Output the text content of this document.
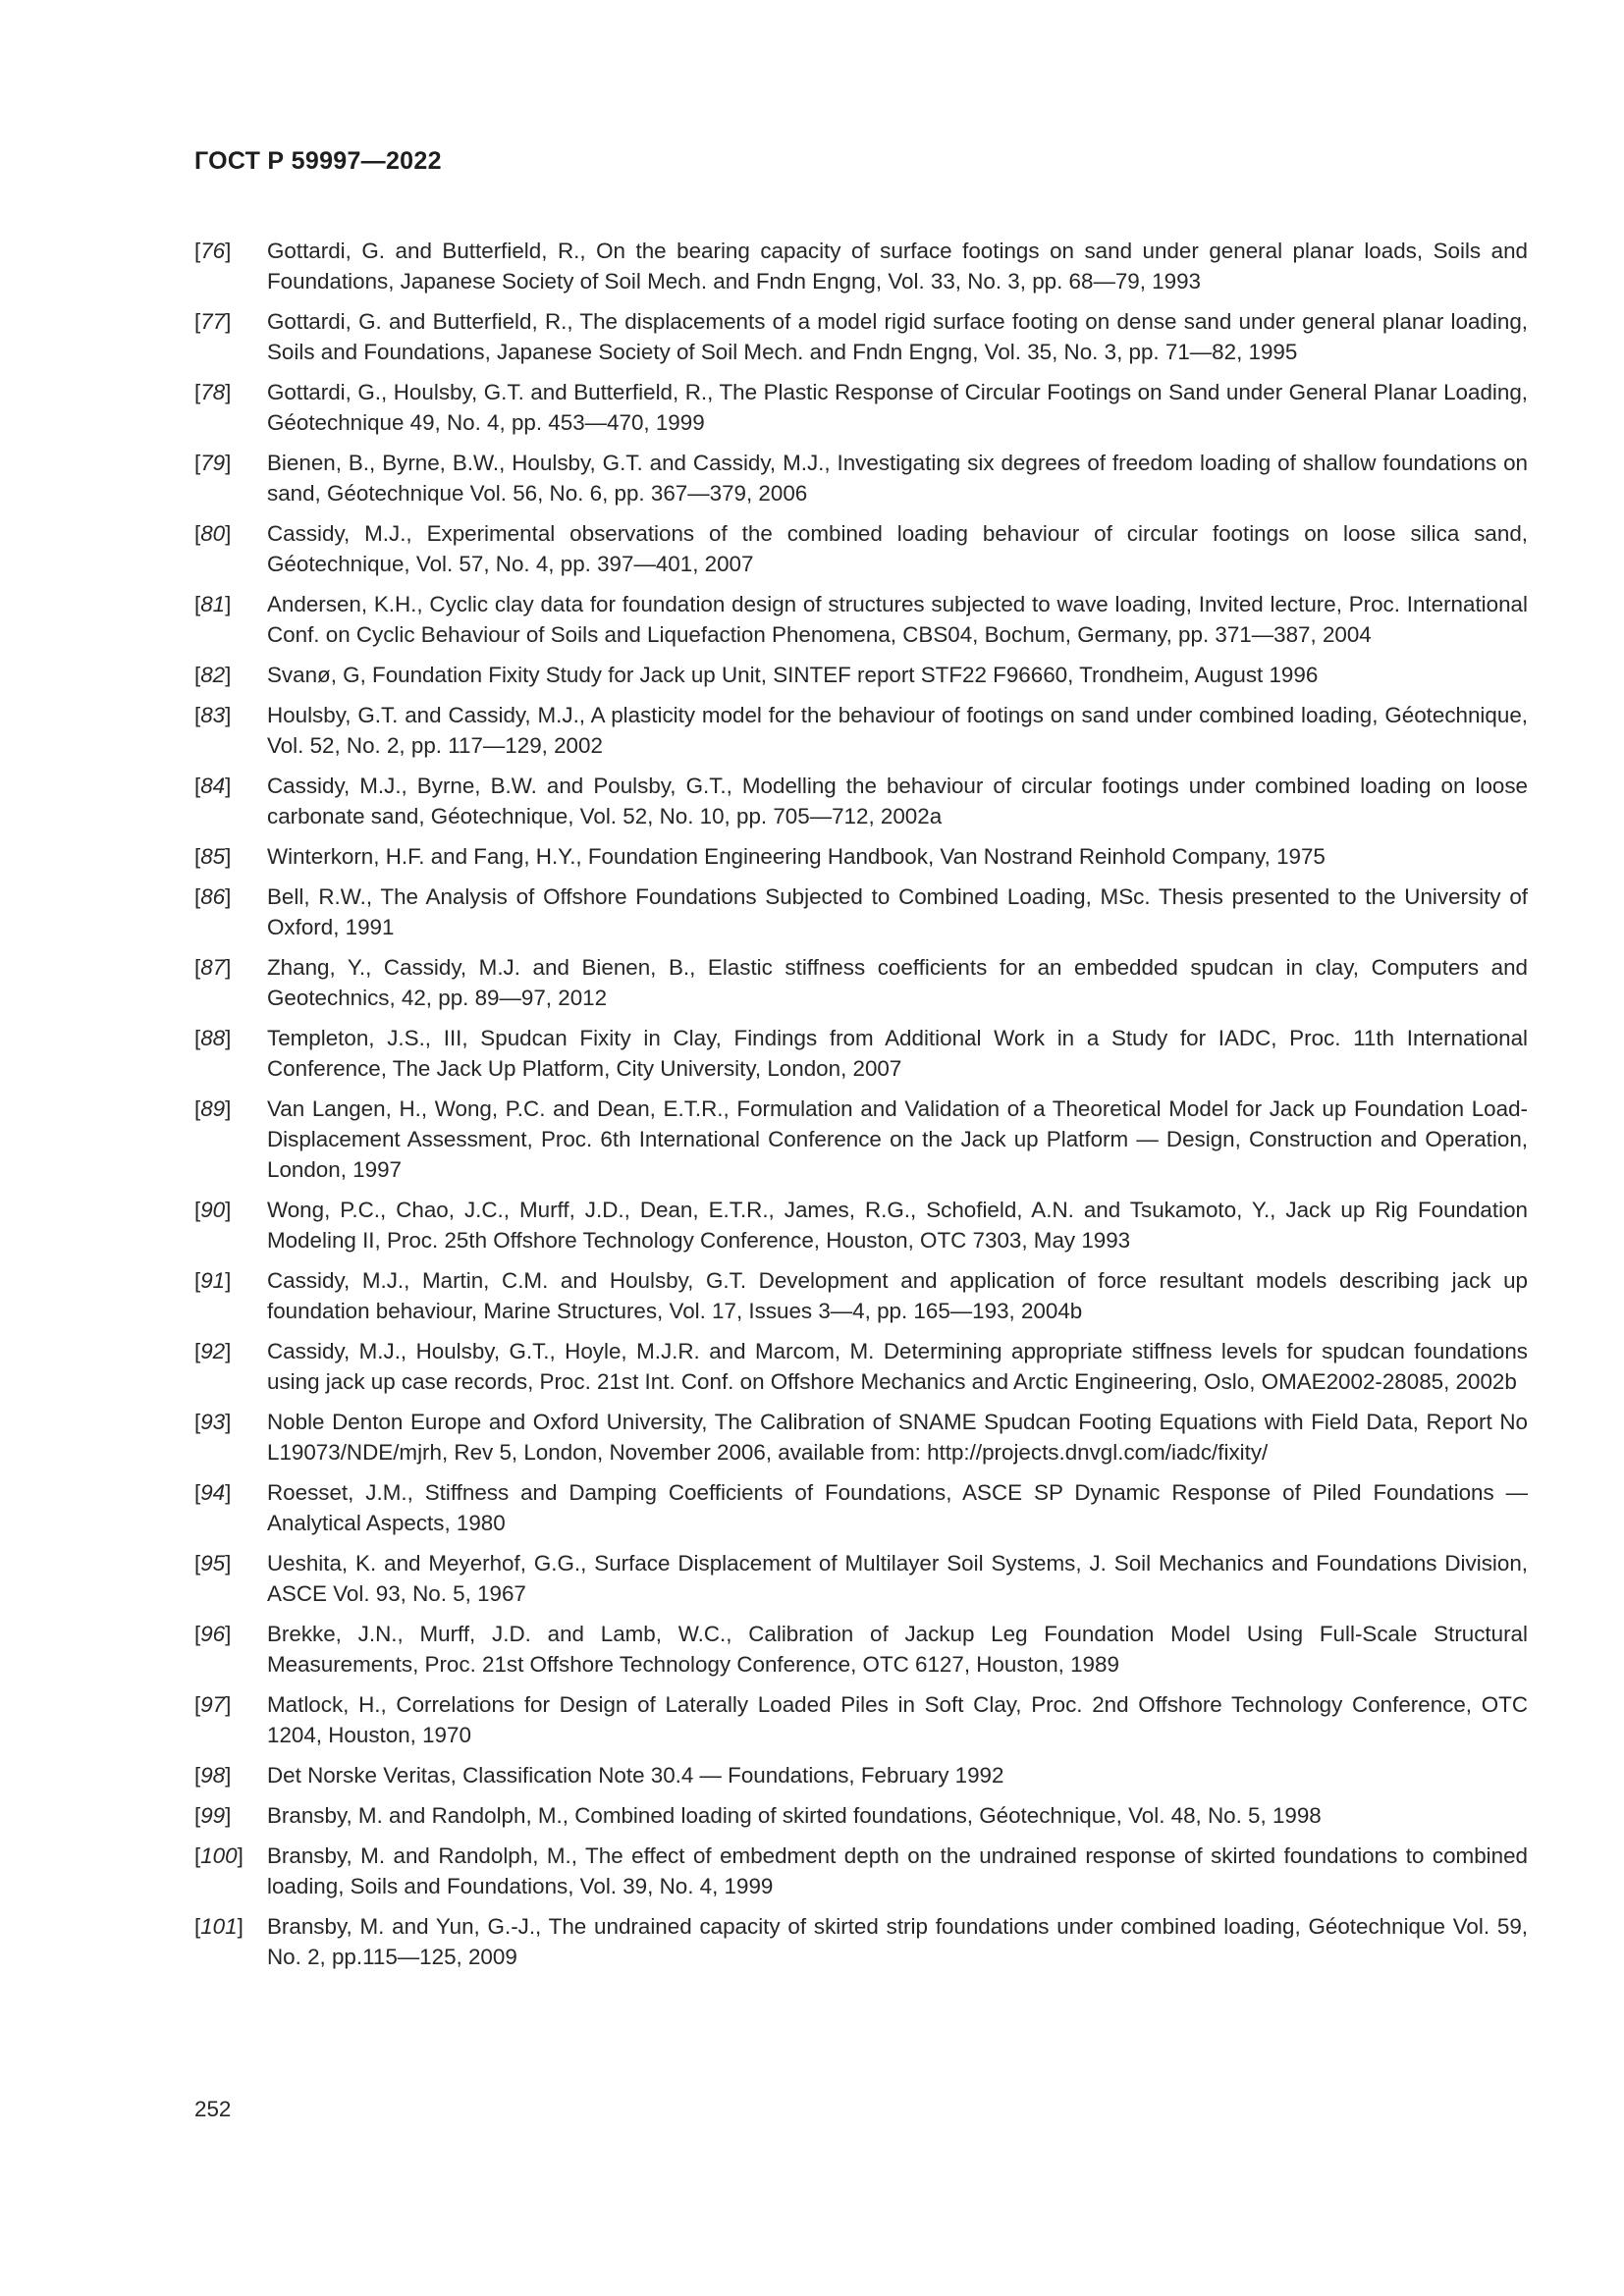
ГОСТ Р 59997—2022
[76]	Gottardi, G. and Butterfield, R., On the bearing capacity of surface footings on sand under general planar loads, Soils and Foundations, Japanese Society of Soil Mech. and Fndn Engng, Vol. 33, No. 3, pp. 68—79, 1993
[77]	Gottardi, G. and Butterfield, R., The displacements of a model rigid surface footing on dense sand under general planar loading, Soils and Foundations, Japanese Society of Soil Mech. and Fndn Engng, Vol. 35, No. 3, pp. 71—82, 1995
[78]	Gottardi, G., Houlsby, G.T. and Butterfield, R., The Plastic Response of Circular Footings on Sand under General Planar Loading, Géotechnique 49, No. 4, pp. 453—470, 1999
[79]	Bienen, B., Byrne, B.W., Houlsby, G.T. and Cassidy, M.J., Investigating six degrees of freedom loading of shallow foundations on sand, Géotechnique Vol. 56, No. 6, pp. 367—379, 2006
[80]	Cassidy, M.J., Experimental observations of the combined loading behaviour of circular footings on loose silica sand, Géotechnique, Vol. 57, No. 4, pp. 397—401, 2007
[81]	Andersen, K.H., Cyclic clay data for foundation design of structures subjected to wave loading, Invited lecture, Proc. International Conf. on Cyclic Behaviour of Soils and Liquefaction Phenomena, CBS04, Bochum, Germany, pp. 371—387, 2004
[82]	Svanø, G, Foundation Fixity Study for Jack up Unit, SINTEF report STF22 F96660, Trondheim, August 1996
[83]	Houlsby, G.T. and Cassidy, M.J., A plasticity model for the behaviour of footings on sand under combined loading, Géotechnique, Vol. 52, No. 2, pp. 117—129, 2002
[84]	Cassidy, M.J., Byrne, B.W. and Poulsby, G.T., Modelling the behaviour of circular footings under combined loading on loose carbonate sand, Géotechnique, Vol. 52, No. 10, pp. 705—712, 2002a
[85]	Winterkorn, H.F. and Fang, H.Y., Foundation Engineering Handbook, Van Nostrand Reinhold Company, 1975
[86]	Bell, R.W., The Analysis of Offshore Foundations Subjected to Combined Loading, MSc. Thesis presented to the University of Oxford, 1991
[87]	Zhang, Y., Cassidy, M.J. and Bienen, B., Elastic stiffness coefficients for an embedded spudcan in clay, Computers and Geotechnics, 42, pp. 89—97, 2012
[88]	Templeton, J.S., III, Spudcan Fixity in Clay, Findings from Additional Work in a Study for IADC, Proc. 11th International Conference, The Jack Up Platform, City University, London, 2007
[89]	Van Langen, H., Wong, P.C. and Dean, E.T.R., Formulation and Validation of a Theoretical Model for Jack up Foundation Load-Displacement Assessment, Proc. 6th International Conference on the Jack up Platform — Design, Construction and Operation, London, 1997
[90]	Wong, P.C., Chao, J.C., Murff, J.D., Dean, E.T.R., James, R.G., Schofield, A.N. and Tsukamoto, Y., Jack up Rig Foundation Modeling II, Proc. 25th Offshore Technology Conference, Houston, OTC 7303, May 1993
[91]	Cassidy, M.J., Martin, C.M. and Houlsby, G.T. Development and application of force resultant models describing jack up foundation behaviour, Marine Structures, Vol. 17, Issues 3—4, pp. 165—193, 2004b
[92]	Cassidy, M.J., Houlsby, G.T., Hoyle, M.J.R. and Marcom, M. Determining appropriate stiffness levels for spudcan foundations using jack up case records, Proc. 21st Int. Conf. on Offshore Mechanics and Arctic Engineering, Oslo, OMAE2002-28085, 2002b
[93]	Noble Denton Europe and Oxford University, The Calibration of SNAME Spudcan Footing Equations with Field Data, Report No L19073/NDE/mjrh, Rev 5, London, November 2006, available from: http://projects.dnvgl.com/iadc/fixity/
[94]	Roesset, J.M., Stiffness and Damping Coefficients of Foundations, ASCE SP Dynamic Response of Piled Foundations — Analytical Aspects, 1980
[95]	Ueshita, K. and Meyerhof, G.G., Surface Displacement of Multilayer Soil Systems, J. Soil Mechanics and Foundations Division, ASCE Vol. 93, No. 5, 1967
[96]	Brekke, J.N., Murff, J.D. and Lamb, W.C., Calibration of Jackup Leg Foundation Model Using Full-Scale Structural Measurements, Proc. 21st Offshore Technology Conference, OTC 6127, Houston, 1989
[97]	Matlock, H., Correlations for Design of Laterally Loaded Piles in Soft Clay, Proc. 2nd Offshore Technology Conference, OTC 1204, Houston, 1970
[98]	Det Norske Veritas, Classification Note 30.4 — Foundations, February 1992
[99]	Bransby, M. and Randolph, M., Combined loading of skirted foundations, Géotechnique, Vol. 48, No. 5, 1998
[100]	Bransby, M. and Randolph, M., The effect of embedment depth on the undrained response of skirted foundations to combined loading, Soils and Foundations, Vol. 39, No. 4, 1999
[101]	Bransby, M. and Yun, G.-J., The undrained capacity of skirted strip foundations under combined loading, Géotechnique Vol. 59, No. 2, pp.115—125, 2009
252
